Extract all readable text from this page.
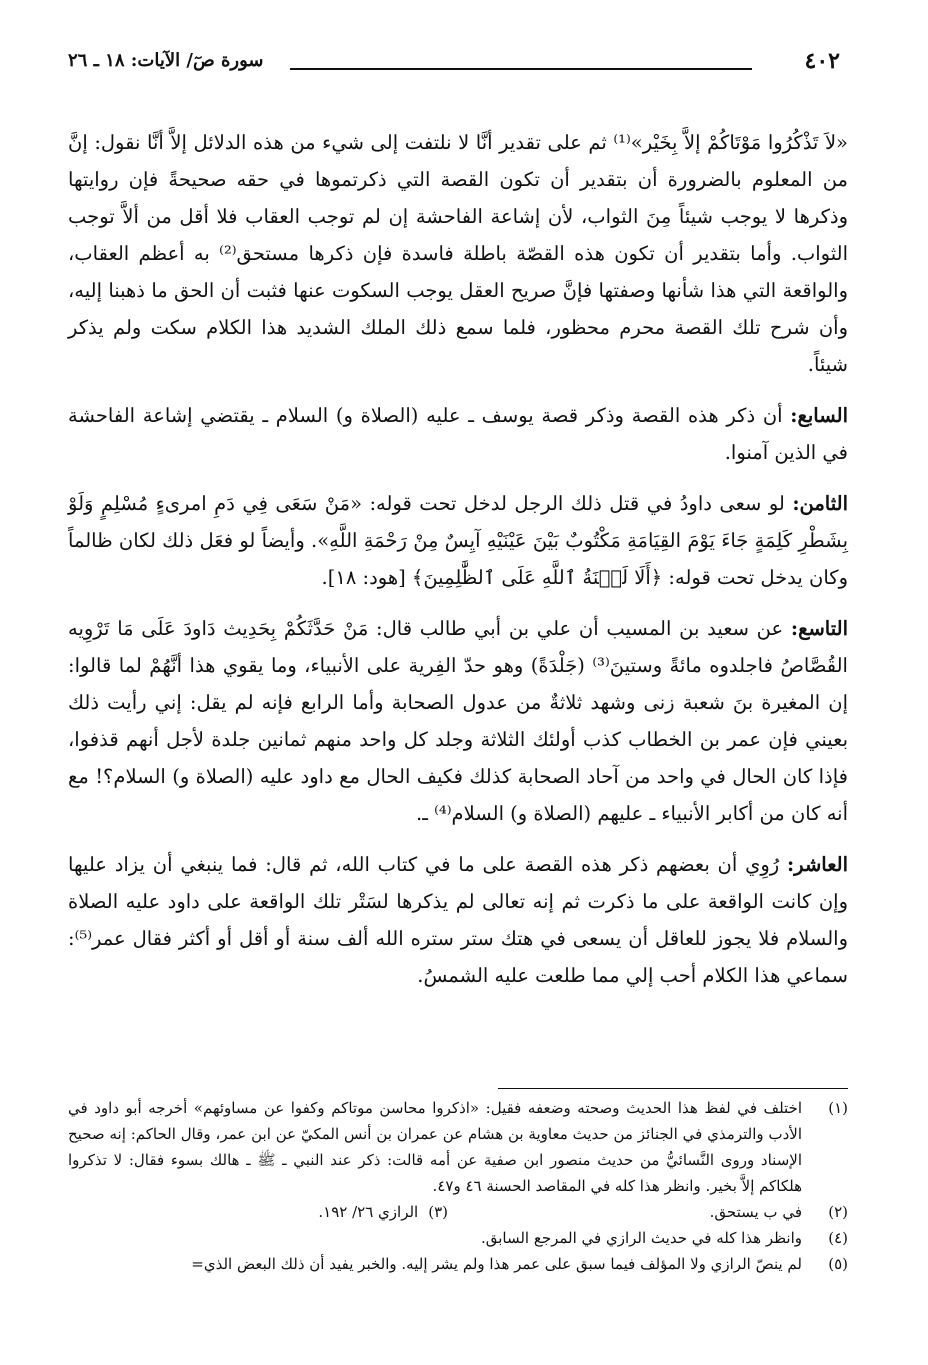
٤٠٢
سورة صٓ/ الآيات: ١٨ ـ ٢٦

«لاَ تَذْكُرُوا مَوْتَاكُمْ إلاَّ بِخَيْر»⁽¹⁾ ثم على تقدير أنَّا لا نلتفت إلى شيء من هذه الدلائل إلاَّ أنَّا نقول: إنَّ من المعلوم بالضرورة أن بتقدير أن تكون القصة التي ذكرتموها في حقه صحيحةً فإن روايتها وذكرها لا يوجب شيئاً مِنَ الثواب، لأن إشاعة الفاحشة إن لم توجب العقاب فلا أقل من ألاَّ توجب الثواب. وأما بتقدير أن تكون هذه القصّة باطلة فاسدة فإن ذكرها مستحق⁽²⁾ به أعظم العقاب، والواقعة التي هذا شأنها وصفتها فإنَّ صريح العقل يوجب السكوت عنها فثبت أن الحق ما ذهبنا إليه، وأن شرح تلك القصة محرم محظور، فلما سمع ذلك الملك الشديد هذا الكلام سكت ولم يذكر شيئاً.

السابع: أن ذكر هذه القصة وذكر قصة يوسف ـ عليه (الصلاة و) السلام ـ يقتضي إشاعة الفاحشة في الذين آمنوا.

الثامن: لو سعى داودُ في قتل ذلك الرجل لدخل تحت قوله: «مَنْ سَعَى فِي دَمِ امرىءٍ مُسْلِمٍ وَلَوْ بِشَطْرِ كَلِمَةٍ جَاءَ يَوْمَ القِيَامَةِ مَكْتُوبٌ بَيْنَ عَيْنَيْهِ آيِسٌ مِنْ رَحْمَةِ اللَّهِ». وأيضاً لو فعَل ذلك لكان ظالماً وكان يدخل تحت قوله: ﴿أَلَا لَعۡنَةُ ٱللَّهِ عَلَى ٱلظَّٰلِمِينَ﴾ [هود: ١٨].

التاسع: عن سعيد بن المسيب أن علي بن أبي طالب قال: مَنْ حَدَّثَكُمْ بِحَدِيث دَاودَ عَلَى مَا تَرْوِيه القُصَّاصُ فاجلدوه مائةً وستينَ⁽³⁾ (جَلْدَةً) وهو حدّ الفِرية على الأنبياء، وما يقوي هذا أنَّهُمْ لما قالوا: إن المغيرة بنَ شعبة زنى وشهد ثلاثةٌ من عدول الصحابة وأما الرابع فإنه لم يقل: إني رأيت ذلك بعيني فإن عمر بن الخطاب كذب أولئك الثلاثة وجلد كل واحد منهم ثمانين جلدة لأجل أنهم قذفوا، فإذا كان الحال في واحد من آحاد الصحابة كذلك فكيف الحال مع داود عليه (الصلاة و) السلام؟! مع أنه كان من أكابر الأنبياء ـ عليهم (الصلاة و) السلام⁽⁴⁾ ـ.

العاشر: رُوِي أن بعضهم ذكر هذه القصة على ما في كتاب الله، ثم قال: فما ينبغي أن يزاد عليها وإن كانت الواقعة على ما ذكرت ثم إنه تعالى لم يذكرها لسَتْر تلك الواقعة على داود عليه الصلاة والسلام فلا يجوز للعاقل أن يسعى في هتك ستر ستره الله ألف سنة أو أقل أو أكثر فقال عمر⁽⁵⁾: سماعي هذا الكلام أحب إلي مما طلعت عليه الشمسُ.

(١)
اختلف في لفظ هذا الحديث وصحته وضعفه فقيل: «اذكروا محاسن موتاكم وكفوا عن مساوئهم» أخرجه أبو داود في الأدب والترمذي في الجنائز من حديث معاوية بن هشام عن عمران بن أنس المكيّ عن ابن عمر، وقال الحاكم: إنه صحيح الإسناد وروى النَّسائيُّ من حديث منصور ابن صفية عن أمه قالت: ذكر عند النبي ـ ﷺ ـ هالك بسوء فقال: لا تذكروا هلكاكم إلاَّ بخير. وانظر هذا كله في المقاصد الحسنة ٤٦ و٤٧.
(٢)
في ب يستحق.
(٣)
الرازي ٢٦/ ١٩٢.
(٤)
وانظر هذا كله في حديث الرازي في المرجع السابق.
(٥)
لم ينصّ الرازي ولا المؤلف فيما سبق على عمر هذا ولم يشر إليه. والخبر يفيد أن ذلك البعض الذي=
